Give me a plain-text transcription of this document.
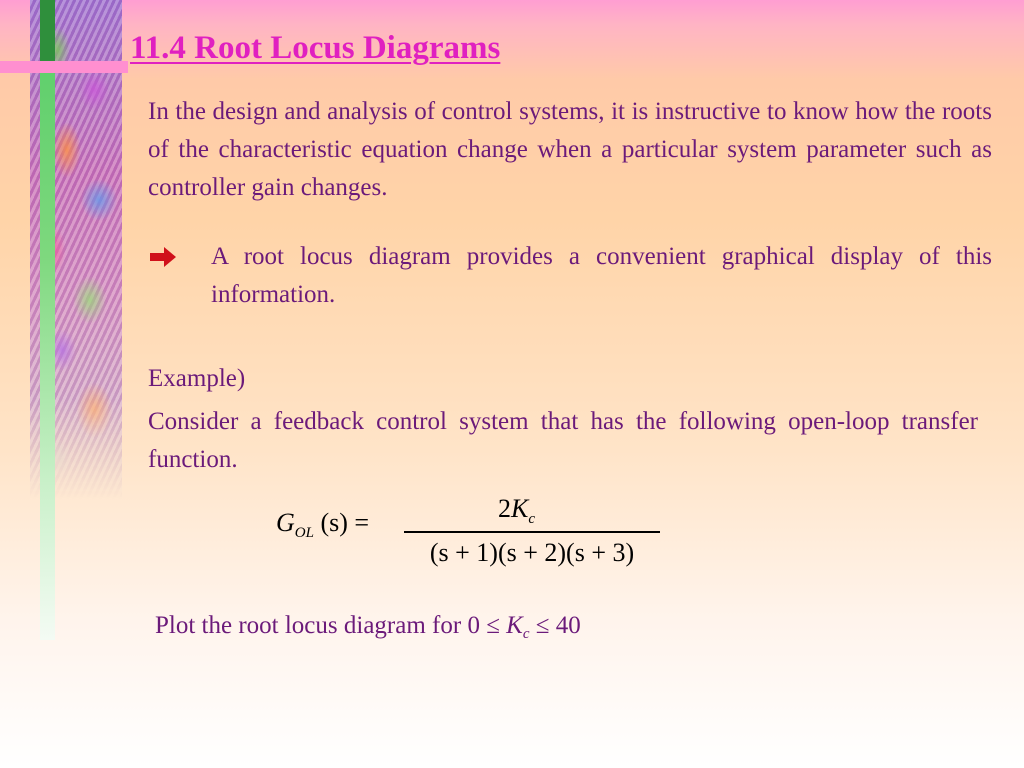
11.4 Root Locus Diagrams

In the design and analysis of control systems, it is instructive to know how the roots of the characteristic equation change when a particular system parameter such as controller gain changes.

A root locus diagram provides a convenient graphical display of this information.

Example)

Consider a feedback control system that has the following open-loop transfer function.

$G_{OL}$ (s) =	$2K_c$
(s + 1)(s + 2)(s + 3)

Plot the root locus diagram for $0 \le K_c \le 40$
